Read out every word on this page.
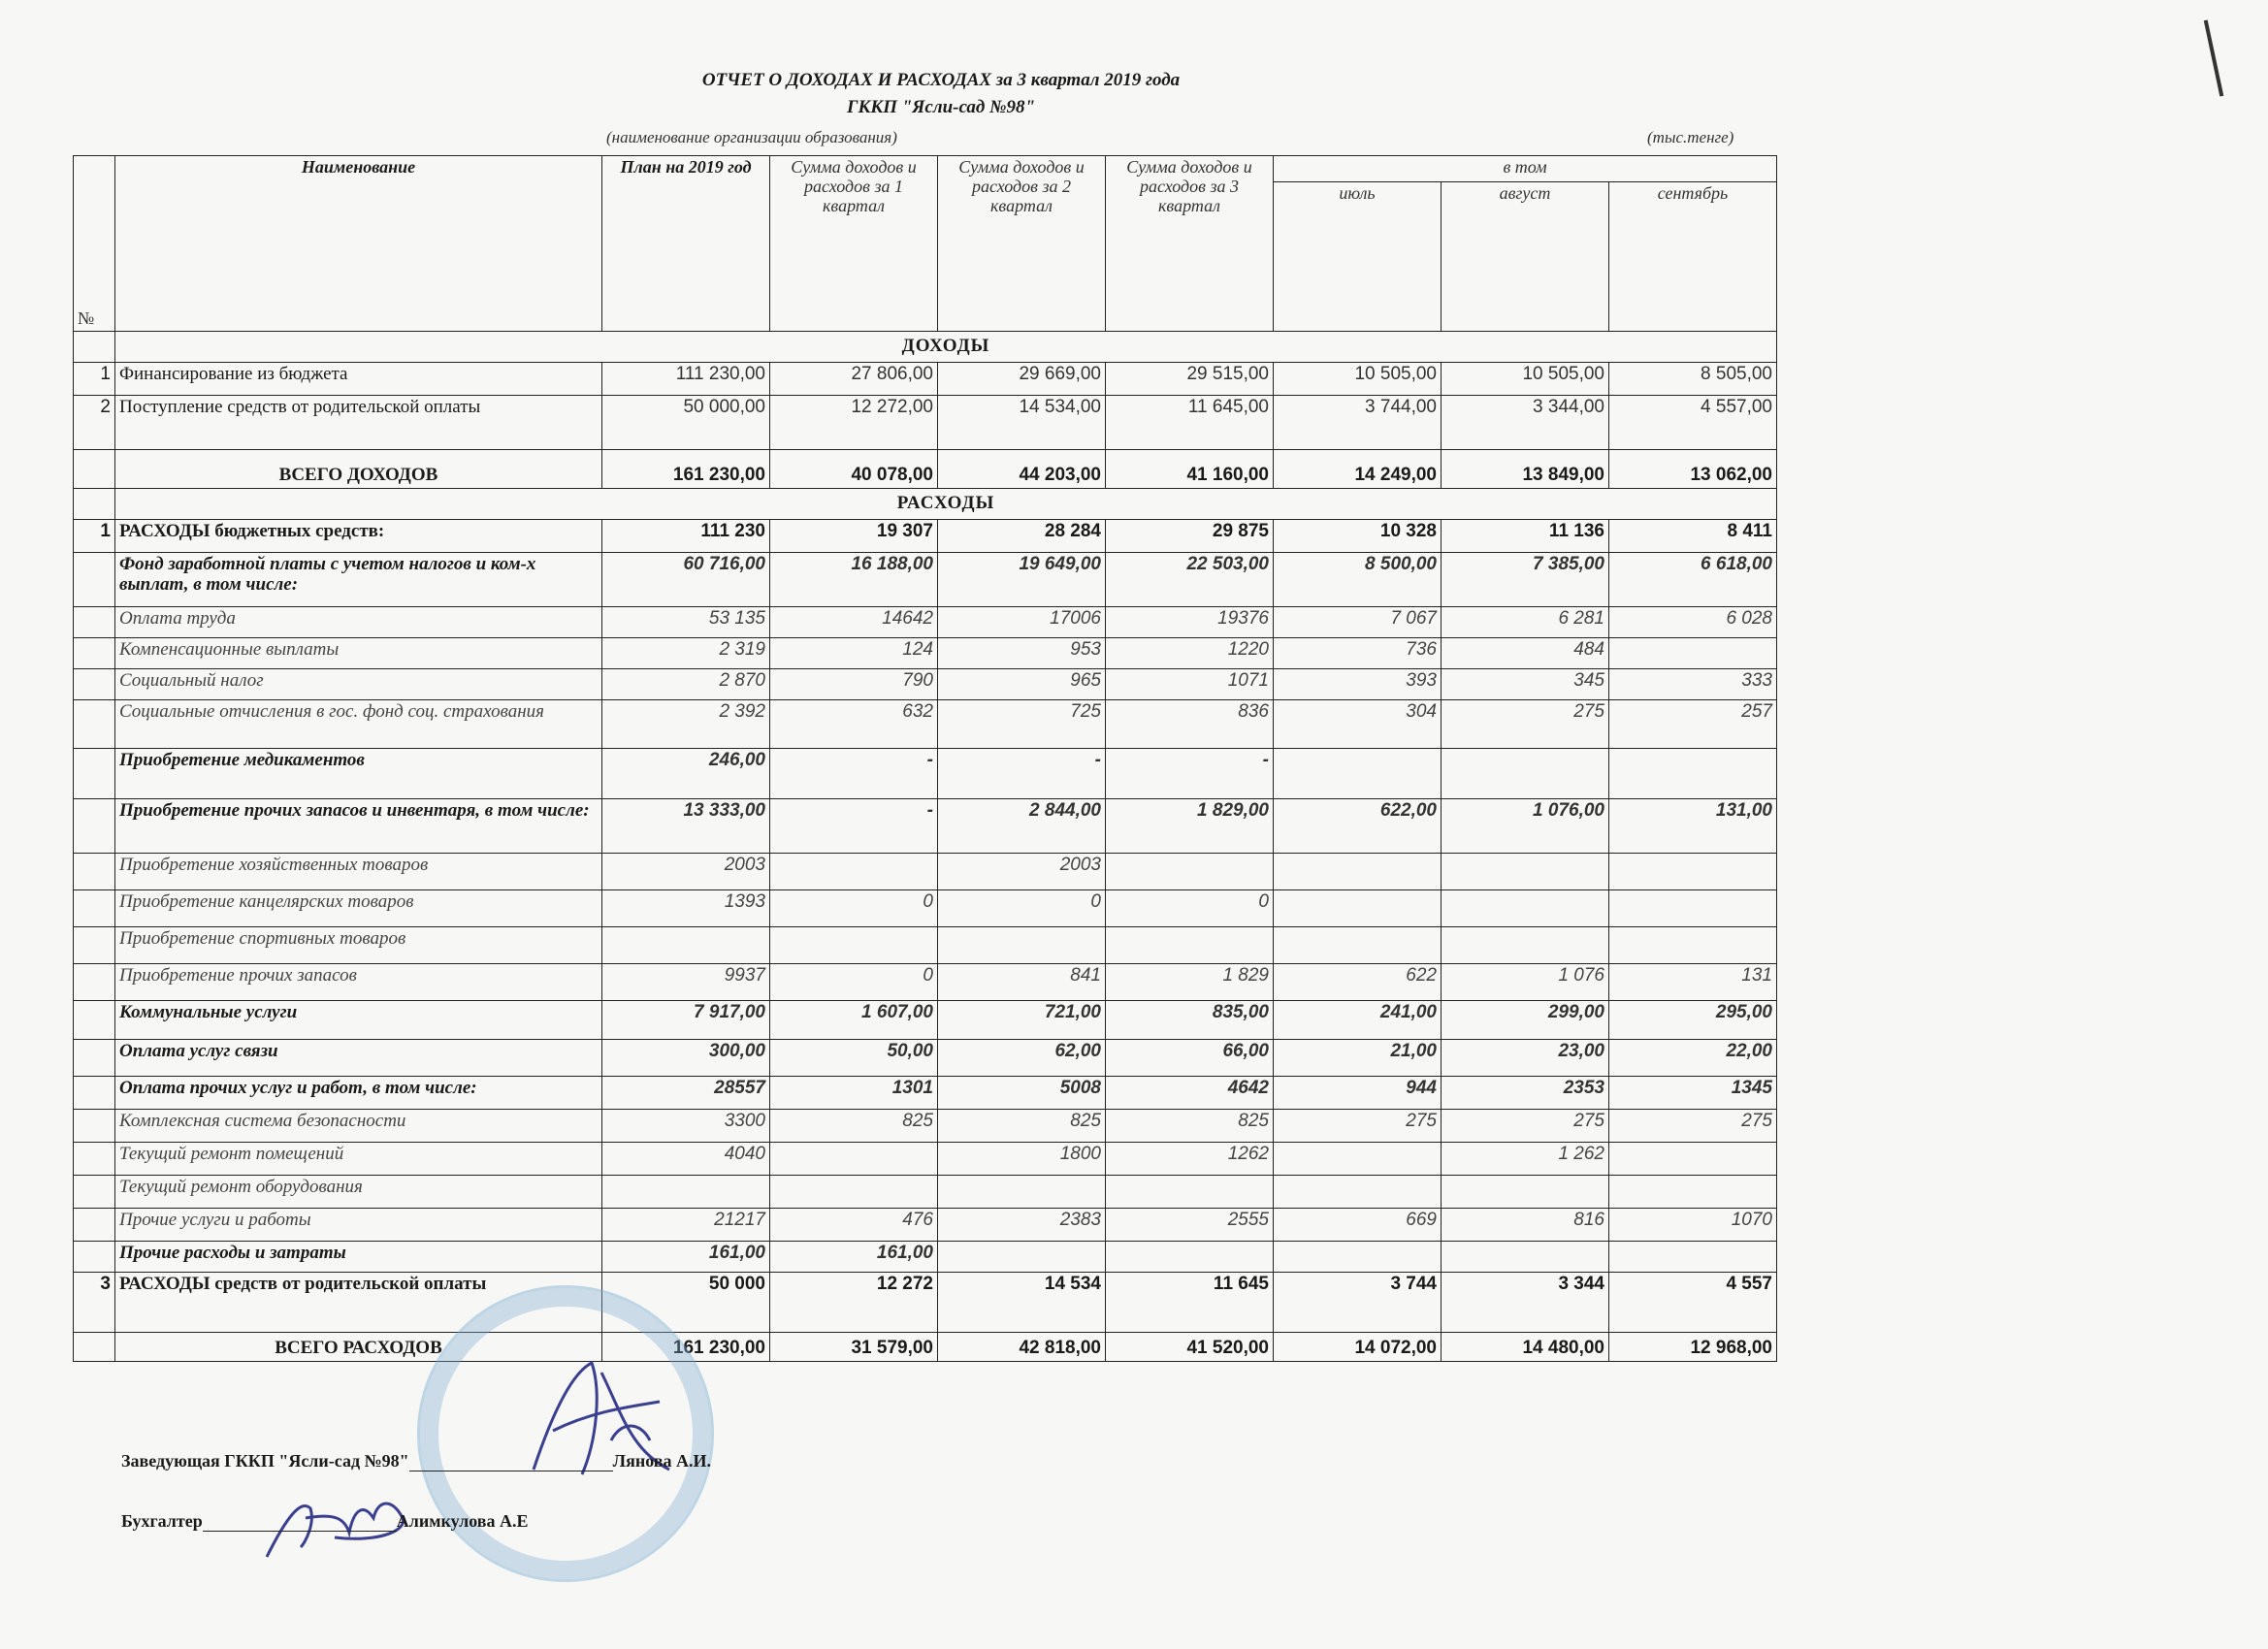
ОТЧЕТ О ДОХОДАХ И РАСХОДАХ за 3 квартал 2019 года
ГККП "Ясли-сад №98"
(наименование организации образования)	(тыс.тенге)
№	Наименование	План на 2019 год	Сумма доходов и расходов за 1 квартал	Сумма доходов и расходов за 2 квартал	Сумма доходов и расходов за 3 квартал	в том		
						июль	август	сентябрь
	ДОХОДЫ							
1	Финансирование из бюджета	111 230,00	27 806,00	29 669,00	29 515,00	10 505,00	10 505,00	8 505,00
2	Поступление средств от родительской оплаты	50 000,00	12 272,00	14 534,00	11 645,00	3 744,00	3 344,00	4 557,00
	ВСЕГО ДОХОДОВ	161 230,00	40 078,00	44 203,00	41 160,00	14 249,00	13 849,00	13 062,00
	РАСХОДЫ							
1	РАСХОДЫ бюджетных средств:	111 230	19 307	28 284	29 875	10 328	11 136	8 411
	Фонд заработной платы с учетом налогов и ком-х выплат, в том числе:	60 716,00	16 188,00	19 649,00	22 503,00	8 500,00	7 385,00	6 618,00
	Оплата труда	53 135	14642	17006	19376	7 067	6 281	6 028
	Компенсационные выплаты	2 319	124	953	1220	736	484	
	Социальный налог	2 870	790	965	1071	393	345	333
	Социальные отчисления в гос. фонд соц. страхования	2 392	632	725	836	304	275	257
	Приобретение медикаментов	246,00	-	-	-			
	Приобретение прочих запасов и инвентаря, в том числе:	13 333,00	-	2 844,00	1 829,00	622,00	1 076,00	131,00
	Приобретение хозяйственных товаров	2003		2003				
	Приобретение канцелярских товаров	1393	0	0	0			
	Приобретение спортивных товаров							
	Приобретение прочих запасов	9937	0	841	1 829	622	1 076	131
	Коммунальные услуги	7 917,00	1 607,00	721,00	835,00	241,00	299,00	295,00
	Оплата услуг связи	300,00	50,00	62,00	66,00	21,00	23,00	22,00
	Оплата прочих услуг и работ, в том числе:	28557	1301	5008	4642	944	2353	1345
	Комплексная система безопасности	3300	825	825	825	275	275	275
	Текущий ремонт помещений	4040		1800	1262		1 262	
	Текущий ремонт оборудования							
	Прочие услуги и работы	21217	476	2383	2555	669	816	1070
	Прочие расходы и затраты	161,00	161,00					
3	РАСХОДЫ средств от родительской оплаты	50 000	12 272	14 534	11 645	3 744	3 344	4 557
	ВСЕГО РАСХОДОВ	161 230,00	31 579,00	42 818,00	41 520,00	14 072,00	14 480,00	12 968,00
Заведующая ГККП "Ясли-сад №98"	Лянова А.И.
Бухгалтер	Алимкулова А.Е
